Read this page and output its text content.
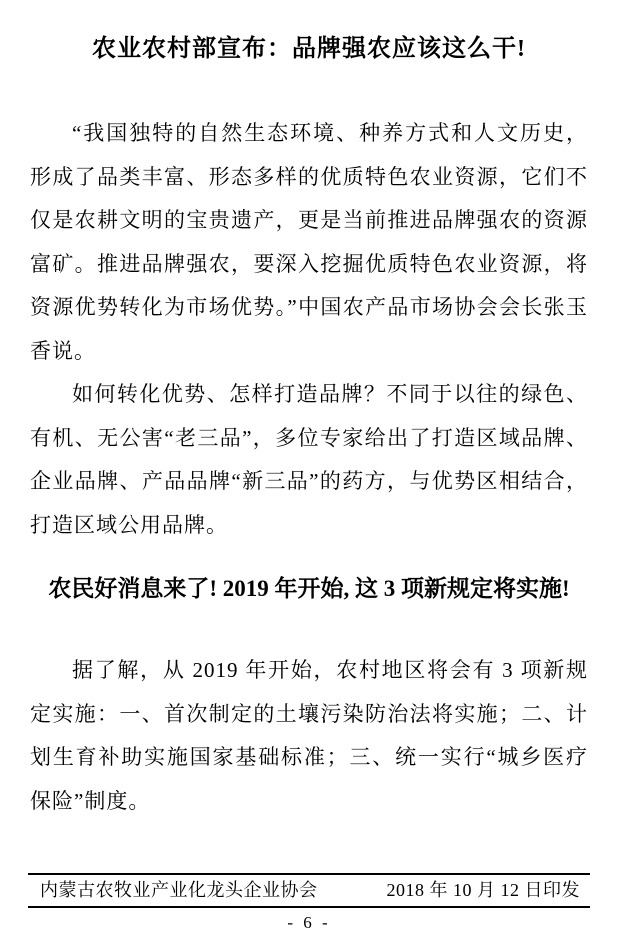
农业农村部宣布：品牌强农应该这么干!

“我国独特的自然生态环境、种养方式和人文历史，形成了品类丰富、形态多样的优质特色农业资源，它们不仅是农耕文明的宝贵遗产，更是当前推进品牌强农的资源富矿。推进品牌强农，要深入挖掘优质特色农业资源，将资源优势转化为市场优势。”中国农产品市场协会会长张玉香说。

如何转化优势、怎样打造品牌？不同于以往的绿色、有机、无公害“老三品”，多位专家给出了打造区域品牌、企业品牌、产品品牌“新三品”的药方，与优势区相结合，打造区域公用品牌。

农民好消息来了! 2019 年开始, 这 3 项新规定将实施!

据了解，从 2019 年开始，农村地区将会有 3 项新规定实施：一、首次制定的土壤污染防治法将实施；二、计划生育补助实施国家基础标准；三、统一实行“城乡医疗保险”制度。

内蒙古农牧业产业化龙头企业协会	2018 年 10 月 12 日印发
- 6 -
